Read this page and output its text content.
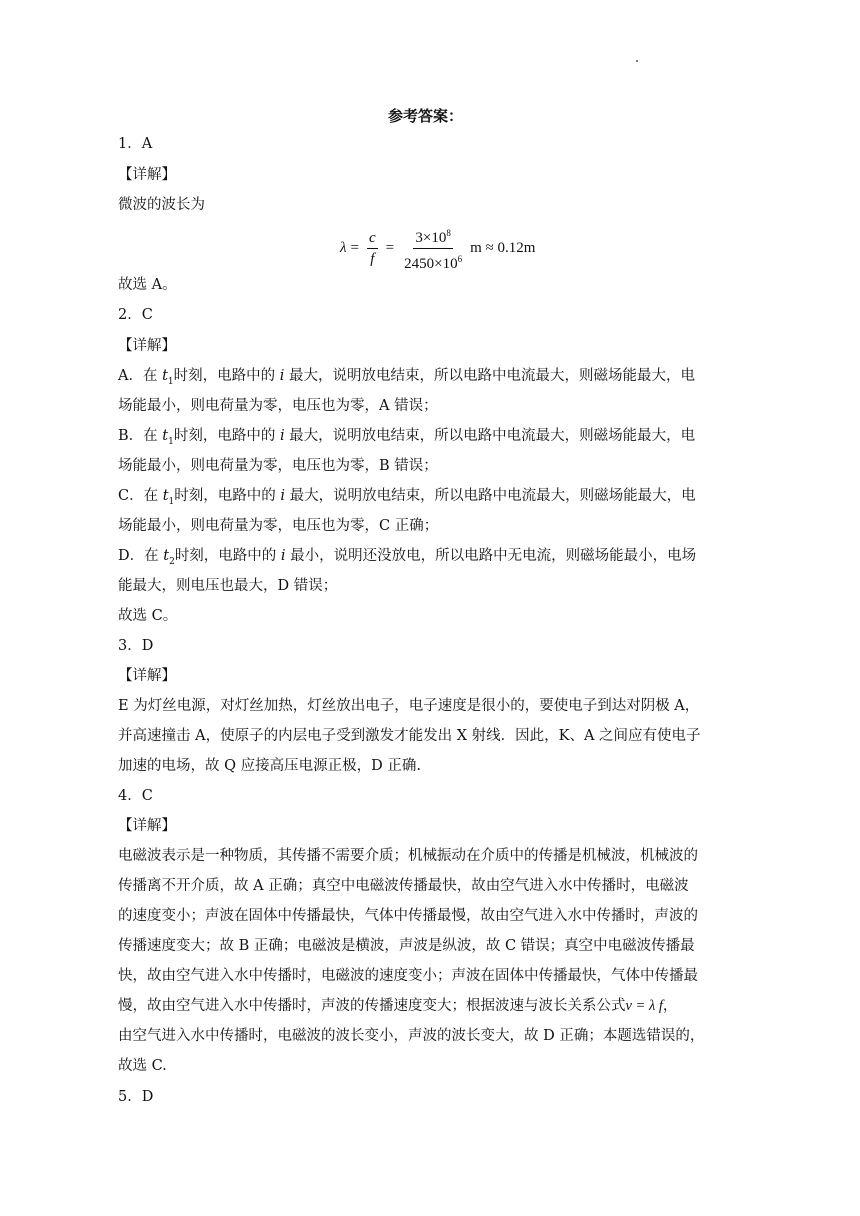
参考答案：
1．A
【详解】
微波的波长为
$\lambda = \frac{c}{f} = \frac{3\times 10^8}{2450\times 10^6}$ m ≈ 0.12m
故选 A。
2．C
【详解】
A．在 $t_1$时刻，电路中的 i 最大，说明放电结束，所以电路中电流最大，则磁场能最大，电
场能最小，则电荷量为零，电压也为零，A 错误；
B．在 $t_1$时刻，电路中的 i 最大，说明放电结束，所以电路中电流最大，则磁场能最大，电
场能最小，则电荷量为零，电压也为零，B 错误；
C．在 $t_1$时刻，电路中的 i 最大，说明放电结束，所以电路中电流最大，则磁场能最大，电
场能最小，则电荷量为零，电压也为零，C 正确；
D．在 $t_2$时刻，电路中的 i 最小，说明还没放电，所以电路中无电流，则磁场能最小，电场
能最大，则电压也最大，D 错误；
故选 C。
3．D
【详解】
E 为灯丝电源，对灯丝加热，灯丝放出电子，电子速度是很小的，要使电子到达对阴极 A，
并高速撞击 A，使原子的内层电子受到激发才能发出 X 射线．因此，K、A 之间应有使电子
加速的电场，故 Q 应接高压电源正极，D 正确.
4．C
【详解】
电磁波表示是一种物质，其传播不需要介质；机械振动在介质中的传播是机械波，机械波的
传播离不开介质，故 A 正确；真空中电磁波传播最快，故由空气进入水中传播时，电磁波
的速度变小；声波在固体中传播最快，气体中传播最慢，故由空气进入水中传播时，声波的
传播速度变大；故 B 正确；电磁波是横波，声波是纵波，故 C 错误；真空中电磁波传播最
快，故由空气进入水中传播时，电磁波的速度变小；声波在固体中传播最快，气体中传播最
慢，故由空气进入水中传播时，声波的传播速度变大；根据波速与波长关系公式v = λ f，
由空气进入水中传播时，电磁波的波长变小，声波的波长变大，故 D 正确；本题选错误的，
故选 C.
5．D
